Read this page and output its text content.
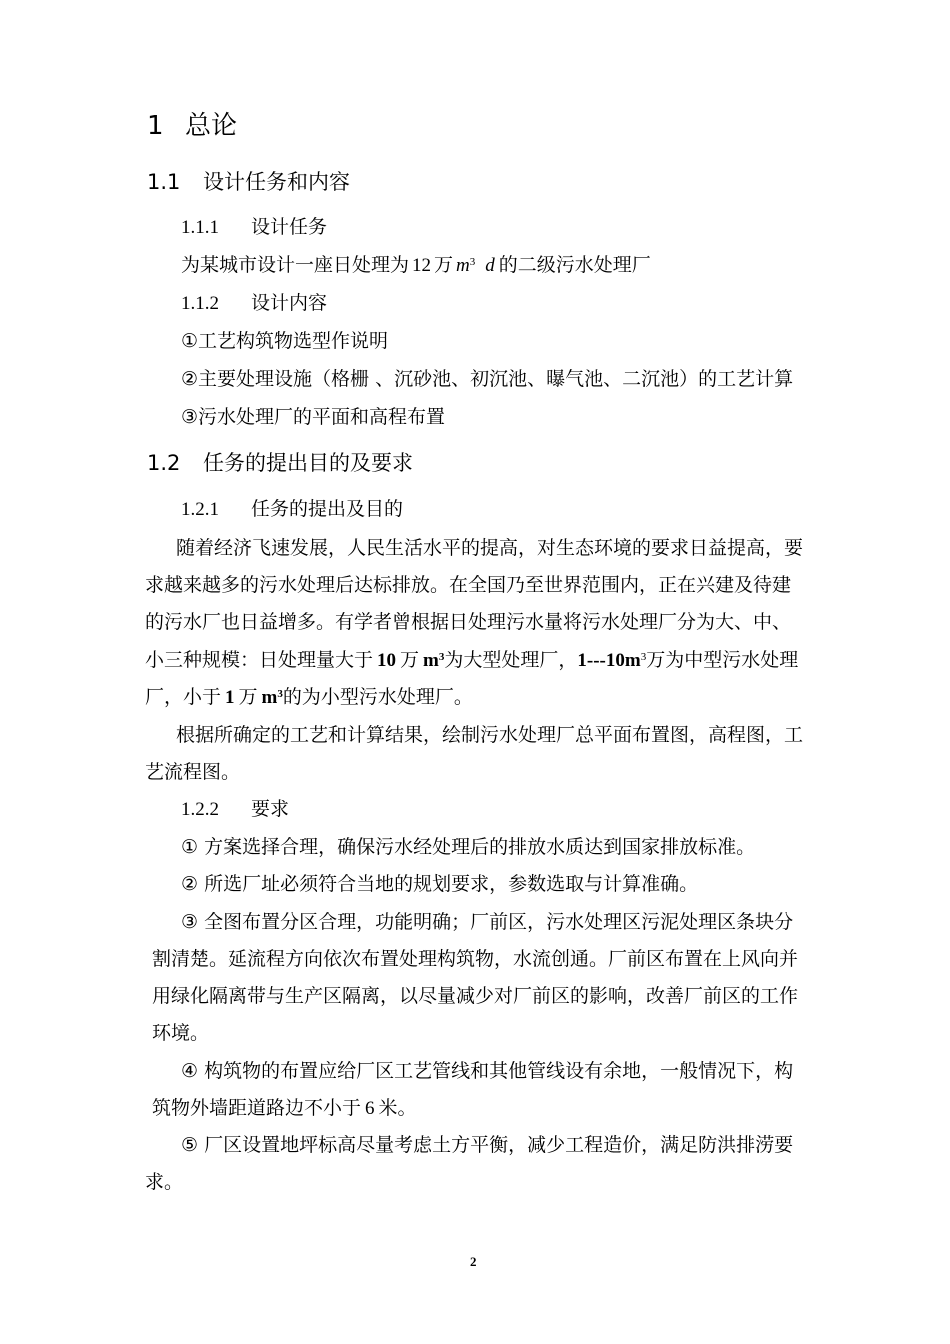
1 总论
1.1 设计任务和内容
1.1.1 设计任务
为某城市设计一座日处理为 12 万 $m^3$ d 的二级污水处理厂
1.1.2 设计内容
①工艺构筑物选型作说明
②主要处理设施（格栅 、沉砂池、初沉池、曝气池、二沉池）的工艺计算
③污水处理厂的平面和高程布置
1.2 任务的提出目的及要求
1.2.1 任务的提出及目的
随着经济飞速发展，人民生活水平的提高，对生态环境的要求日益提高，要
求越来越多的污水处理后达标排放。在全国乃至世界范围内，正在兴建及待建
的污水厂也日益增多。有学者曾根据日处理污水量将污水处理厂分为大、中、
小三种规模：日处理量大于 10 万 $m^3$为大型处理厂，$1---10m^3$万为中型污水处理
厂，小于 1 万 $m^3$的为小型污水处理厂。
根据所确定的工艺和计算结果，绘制污水处理厂总平面布置图，高程图，工
艺流程图。
1.2.2 要求
① 方案选择合理，确保污水经处理后的排放水质达到国家排放标准。
② 所选厂址必须符合当地的规划要求，参数选取与计算准确。
③ 全图布置分区合理，功能明确；厂前区，污水处理区污泥处理区条块分
割清楚。延流程方向依次布置处理构筑物，水流创通。厂前区布置在上风向并
用绿化隔离带与生产区隔离，以尽量减少对厂前区的影响，改善厂前区的工作
环境。
④ 构筑物的布置应给厂区工艺管线和其他管线设有余地，一般情况下，构
筑物外墙距道路边不小于 6 米。
⑤ 厂区设置地坪标高尽量考虑土方平衡，减少工程造价，满足防洪排涝要
求。
2
